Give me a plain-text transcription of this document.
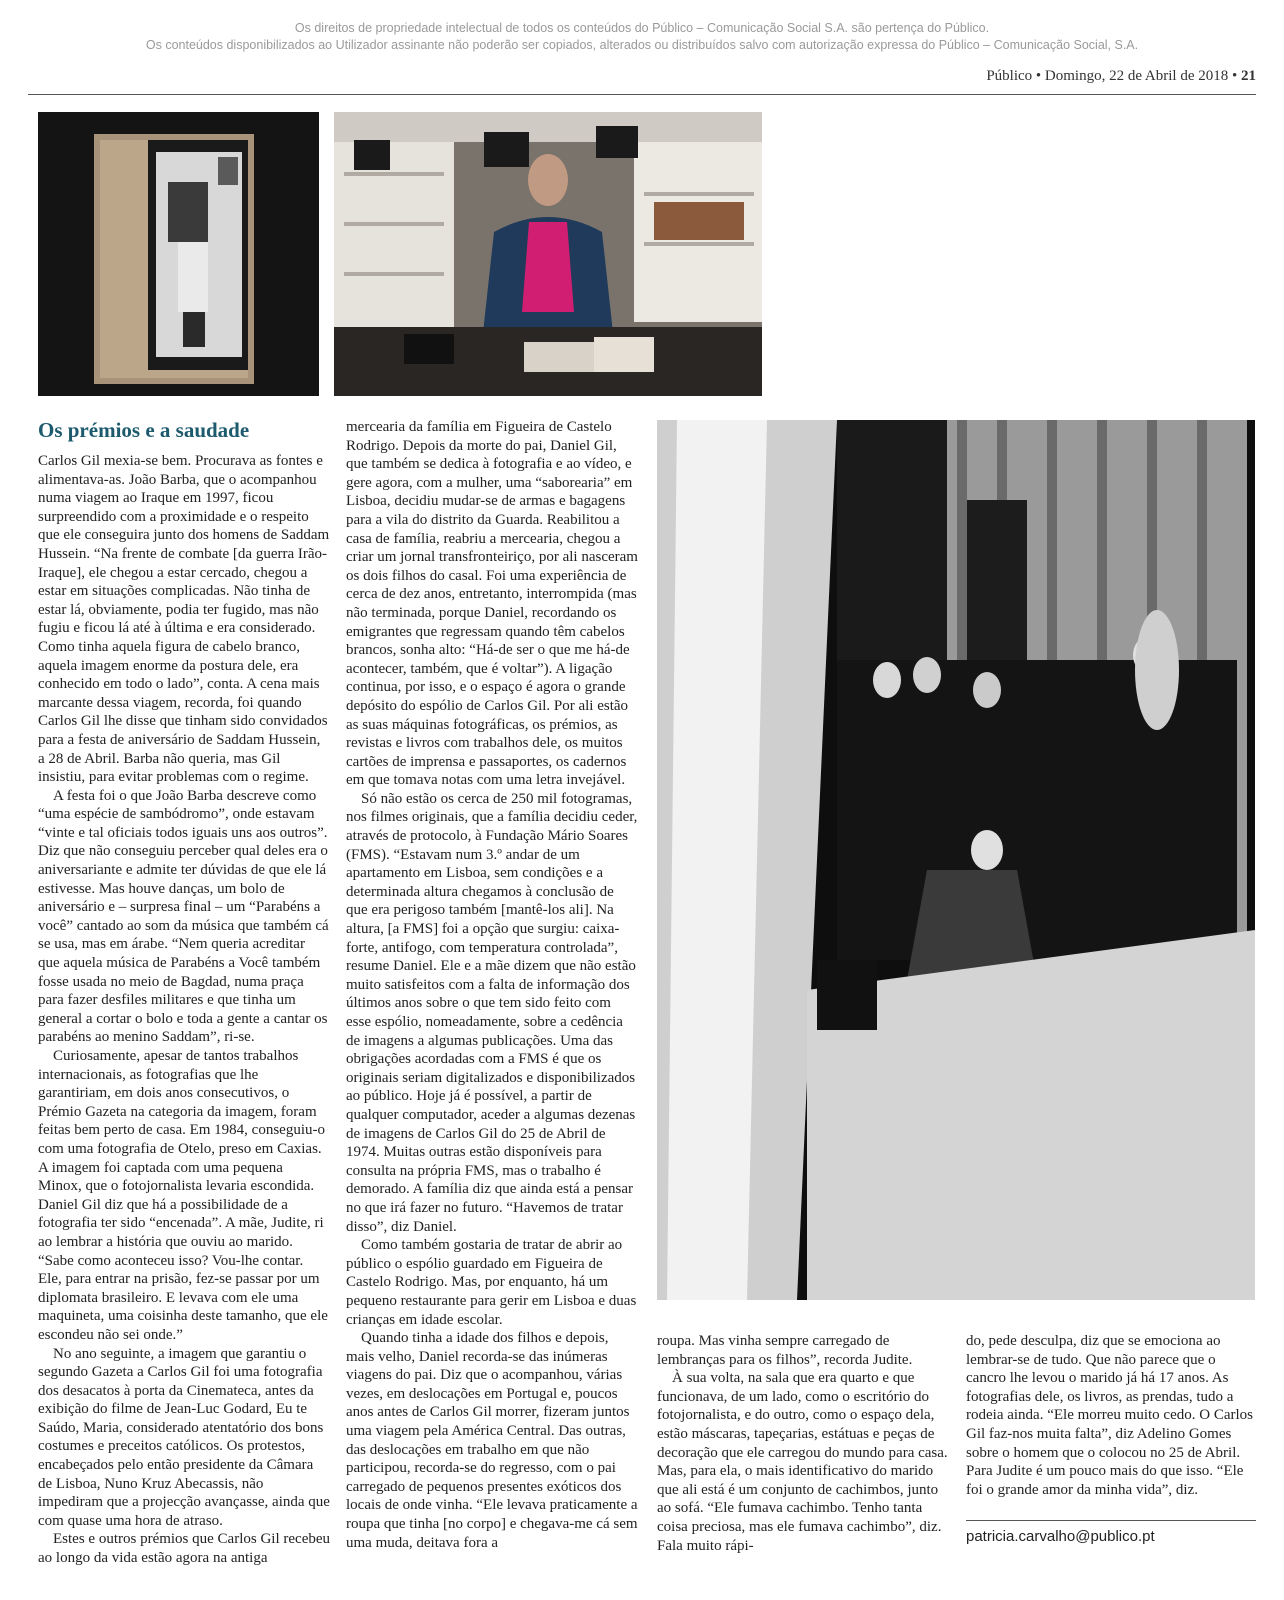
Os direitos de propriedade intelectual de todos os conteúdos do Público – Comunicação Social S.A. são pertença do Público.
Os conteúdos disponibilizados ao Utilizador assinante não poderão ser copiados, alterados ou distribuídos salvo com autorização expressa do Público – Comunicação Social, S.A.
Público • Domingo, 22 de Abril de 2018 • 21
Os prémios e a saudade

Carlos Gil mexia-se bem. Procurava as fontes e alimentava-as. João Barba, que o acompanhou numa viagem ao Iraque em 1997, ficou surpreendido com a proximidade e o respeito que ele conseguira junto dos homens de Saddam Hussein. “Na frente de combate [da guerra Irão-Iraque], ele chegou a estar cercado, chegou a estar em situações complicadas. Não tinha de estar lá, obviamente, podia ter fugido, mas não fugiu e ficou lá até à última e era considerado. Como tinha aquela figura de cabelo branco, aquela imagem enorme da postura dele, era conhecido em todo o lado”, conta. A cena mais marcante dessa viagem, recorda, foi quando Carlos Gil lhe disse que tinham sido convidados para a festa de aniversário de Saddam Hussein, a 28 de Abril. Barba não queria, mas Gil insistiu, para evitar problemas com o regime.

A festa foi o que João Barba descreve como “uma espécie de sambódromo”, onde estavam “vinte e tal oficiais todos iguais uns aos outros”. Diz que não conseguiu perceber qual deles era o aniversariante e admite ter dúvidas de que ele lá estivesse. Mas houve danças, um bolo de aniversário e – surpresa final – um “Parabéns a você” cantado ao som da música que também cá se usa, mas em árabe. “Nem queria acreditar que aquela música de Parabéns a Você também fosse usada no meio de Bagdad, numa praça para fazer desfiles militares e que tinha um general a cortar o bolo e toda a gente a cantar os parabéns ao menino Saddam”, ri-se.

Curiosamente, apesar de tantos trabalhos internacionais, as fotografias que lhe garantiriam, em dois anos consecutivos, o Prémio Gazeta na categoria da imagem, foram feitas bem perto de casa. Em 1984, conseguiu-o com uma fotografia de Otelo, preso em Caxias. A imagem foi captada com uma pequena Minox, que o fotojornalista levaria escondida. Daniel Gil diz que há a possibilidade de a fotografia ter sido “encenada”. A mãe, Judite, ri ao lembrar a história que ouviu ao marido. “Sabe como aconteceu isso? Vou-lhe contar. Ele, para entrar na prisão, fez-se passar por um diplomata brasileiro. E levava com ele uma maquineta, uma coisinha deste tamanho, que ele escondeu não sei onde.”

No ano seguinte, a imagem que garantiu o segundo Gazeta a Carlos Gil foi uma fotografia dos desacatos à porta da Cinemateca, antes da exibição do filme de Jean-Luc Godard, Eu te Saúdo, Maria, considerado atentatório dos bons costumes e preceitos católicos. Os protestos, encabeçados pelo então presidente da Câmara de Lisboa, Nuno Kruz Abecassis, não impediram que a projecção avançasse, ainda que com quase uma hora de atraso.

Estes e outros prémios que Carlos Gil recebeu ao longo da vida estão agora na antiga

mercearia da família em Figueira de Castelo Rodrigo. Depois da morte do pai, Daniel Gil, que também se dedica à fotografia e ao vídeo, e gere agora, com a mulher, uma “saborearia” em Lisboa, decidiu mudar-se de armas e bagagens para a vila do distrito da Guarda. Reabilitou a casa de família, reabriu a mercearia, chegou a criar um jornal transfronteiriço, por ali nasceram os dois filhos do casal. Foi uma experiência de cerca de dez anos, entretanto, interrompida (mas não terminada, porque Daniel, recordando os emigrantes que regressam quando têm cabelos brancos, sonha alto: “Há-de ser o que me há-de acontecer, também, que é voltar”). A ligação continua, por isso, e o espaço é agora o grande depósito do espólio de Carlos Gil. Por ali estão as suas máquinas fotográficas, os prémios, as revistas e livros com trabalhos dele, os muitos cartões de imprensa e passaportes, os cadernos em que tomava notas com uma letra invejável.

Só não estão os cerca de 250 mil fotogramas, nos filmes originais, que a família decidiu ceder, através de protocolo, à Fundação Mário Soares (FMS). “Estavam num 3.º andar de um apartamento em Lisboa, sem condições e a determinada altura chegamos à conclusão de que era perigoso também [mantê-los ali]. Na altura, [a FMS] foi a opção que surgiu: caixa-forte, antifogo, com temperatura controlada”, resume Daniel. Ele e a mãe dizem que não estão muito satisfeitos com a falta de informação dos últimos anos sobre o que tem sido feito com esse espólio, nomeadamente, sobre a cedência de imagens a algumas publicações. Uma das obrigações acordadas com a FMS é que os originais seriam digitalizados e disponibilizados ao público. Hoje já é possível, a partir de qualquer computador, aceder a algumas dezenas de imagens de Carlos Gil do 25 de Abril de 1974. Muitas outras estão disponíveis para consulta na própria FMS, mas o trabalho é demorado. A família diz que ainda está a pensar no que irá fazer no futuro. “Havemos de tratar disso”, diz Daniel.

Como também gostaria de tratar de abrir ao público o espólio guardado em Figueira de Castelo Rodrigo. Mas, por enquanto, há um pequeno restaurante para gerir em Lisboa e duas crianças em idade escolar.

Quando tinha a idade dos filhos e depois, mais velho, Daniel recorda-se das inúmeras viagens do pai. Diz que o acompanhou, várias vezes, em deslocações em Portugal e, poucos anos antes de Carlos Gil morrer, fizeram juntos uma viagem pela América Central. Das outras, das deslocações em trabalho em que não participou, recorda-se do regresso, com o pai carregado de pequenos presentes exóticos dos locais de onde vinha. “Ele levava praticamente a roupa que tinha [no corpo] e chegava-me cá sem uma muda, deitava fora a

roupa. Mas vinha sempre carregado de lembranças para os filhos”, recorda Judite.

À sua volta, na sala que era quarto e que funcionava, de um lado, como o escritório do fotojornalista, e do outro, como o espaço dela, estão máscaras, tapeçarias, estátuas e peças de decoração que ele carregou do mundo para casa. Mas, para ela, o mais identificativo do marido que ali está é um conjunto de cachimbos, junto ao sofá. “Ele fumava cachimbo. Tenho tanta coisa preciosa, mas ele fumava cachimbo”, diz. Fala muito rápi-

do, pede desculpa, diz que se emociona ao lembrar-se de tudo. Que não parece que o cancro lhe levou o marido já há 17 anos. As fotografias dele, os livros, as prendas, tudo a rodeia ainda. “Ele morreu muito cedo. O Carlos Gil faz-nos muita falta”, diz Adelino Gomes sobre o homem que o colocou no 25 de Abril. Para Judite é um pouco mais do que isso. “Ele foi o grande amor da minha vida”, diz.

patricia.carvalho@publico.pt
